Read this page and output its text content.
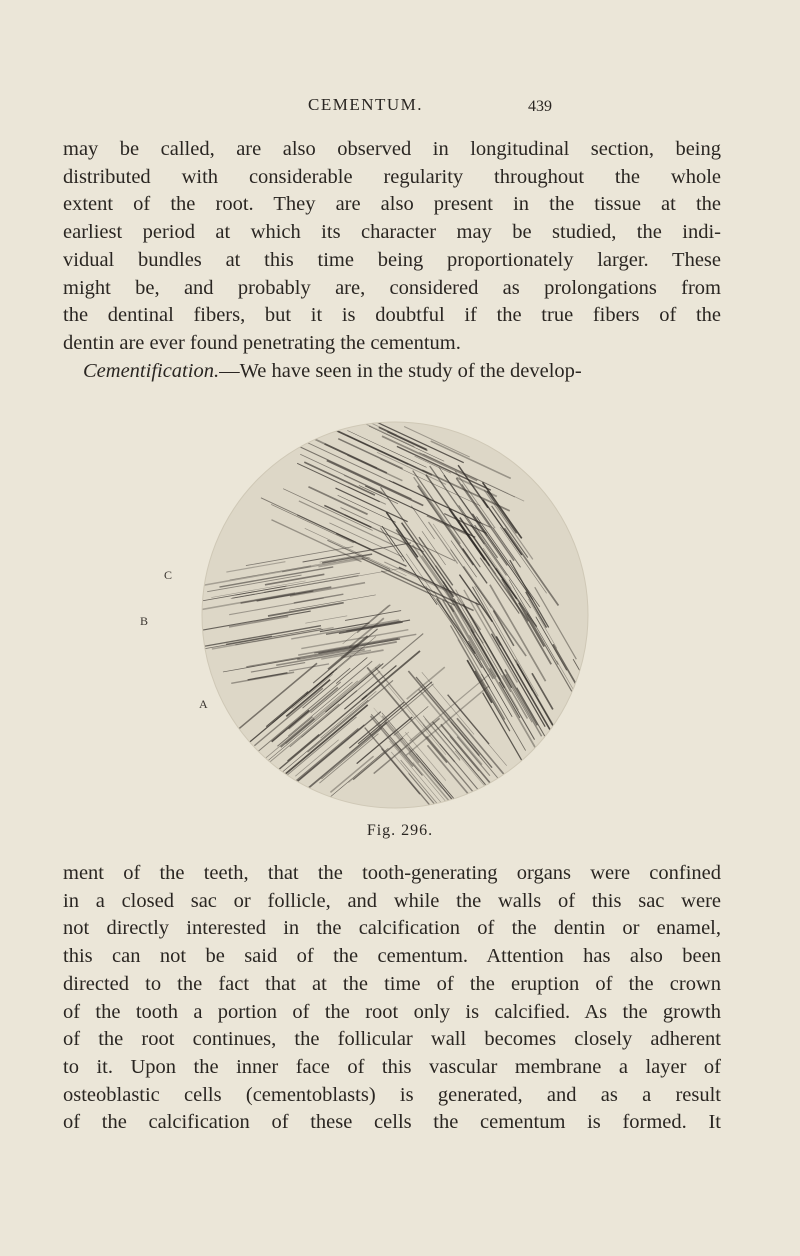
CEMENTUM.	439
may be called, are also observed in longitudinal section, being
distributed with considerable regularity throughout the whole
extent of the root. They are also present in the tissue at the
earliest period at which its character may be studied, the indi-
vidual bundles at this time being proportionately larger. These
might be, and probably are, considered as prolongations from
the dentinal fibers, but it is doubtful if the true fibers of the
dentin are ever found penetrating the cementum.
Cementification.—We have seen in the study of the develop-
C
B
A
Fig. 296.
ment of the teeth, that the tooth-generating organs were confined
in a closed sac or follicle, and while the walls of this sac were
not directly interested in the calcification of the dentin or enamel,
this can not be said of the cementum. Attention has also been
directed to the fact that at the time of the eruption of the crown
of the tooth a portion of the root only is calcified. As the growth
of the root continues, the follicular wall becomes closely adherent
to it. Upon the inner face of this vascular membrane a layer of
osteoblastic cells (cementoblasts) is generated, and as a result
of the calcification of these cells the cementum is formed. It
